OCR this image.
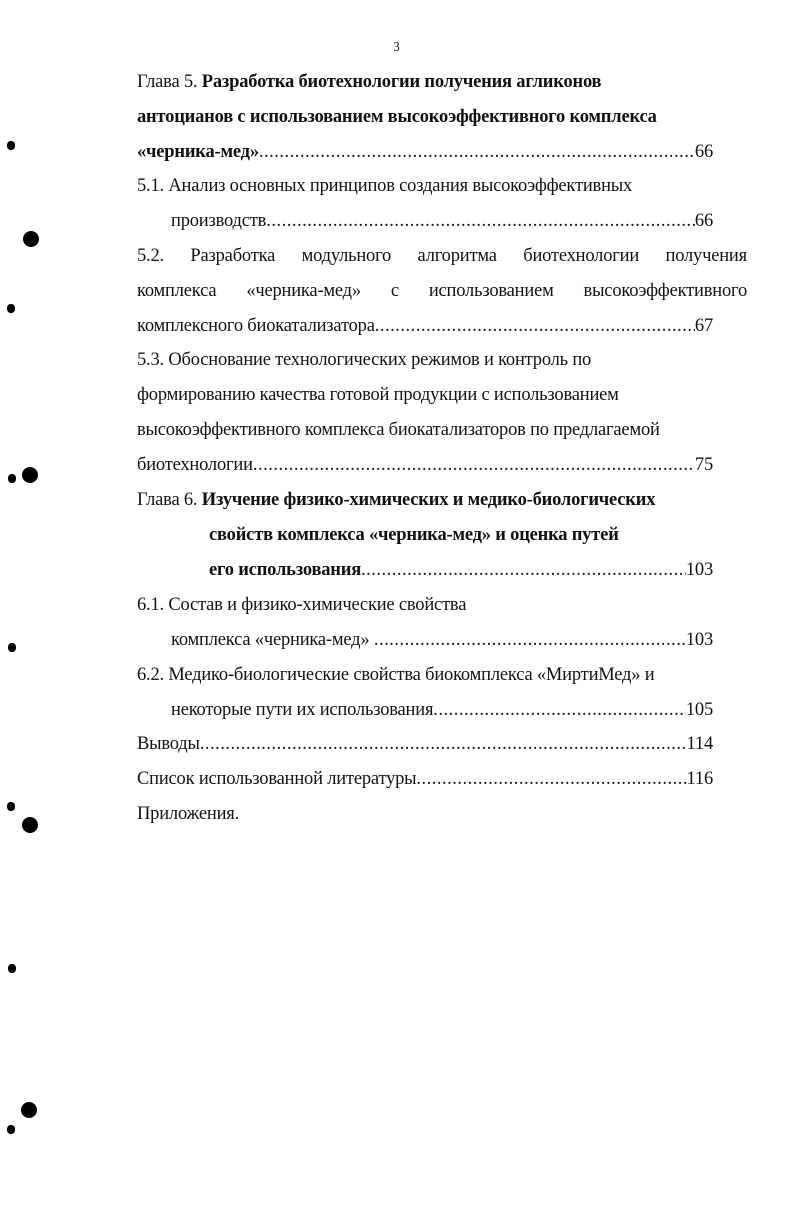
3
Глава 5. Разработка биотехнологии получения агликонов
антоцианов с использованием высокоэффективного комплекса
«черника-мед» .....	66
5.1. Анализ основных принципов создания высокоэффективных
производств .....	66
5.2. Разработка модульного алгоритма биотехнологии получения
комплекса «черника-мед» с использованием высокоэффективного
комплексного биокатализатора .....	67
5.3. Обоснование технологических режимов и контроль по
формированию качества готовой продукции с использованием
высокоэффективного комплекса биокатализаторов по предлагаемой
биотехнологии .....	75
Глава 6. Изучение физико-химических и медико-биологических
свойств комплекса «черника-мед» и оценка путей
его использования .....	103
6.1. Состав и физико-химические свойства
комплекса «черника-мед» .....	103
6.2. Медико-биологические свойства биокомплекса «МиртиМед» и
некоторые пути их использования .....	105
Выводы .....	114
Список использованной литературы .....	116
Приложения.
